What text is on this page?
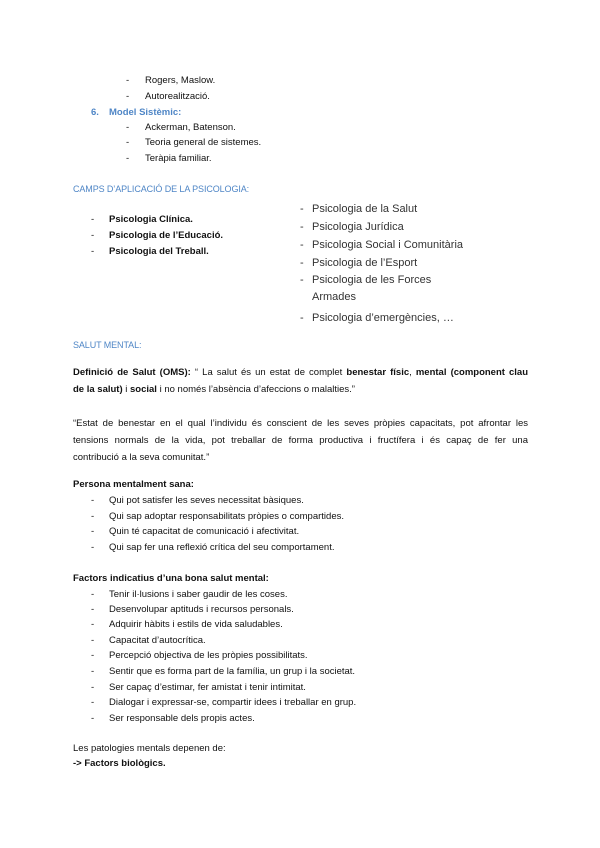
- Rogers, Maslow.
- Autorealització.
6. Model Sistèmic:
- Ackerman, Batenson.
- Teoria general de sistemes.
- Teràpia familiar.
CAMPS D’APLICACIÓ DE LA PSICOLOGIA:
- Psicologia Clínica.
- Psicologia de l’Educació.
- Psicologia del Treball.
- Psicologia de la Salut
- Psicologia Jurídica
- Psicologia Social i Comunitària
- Psicologia de l’Esport
- Psicologia de les Forces
Armades
- Psicologia d’emergències, …
SALUT MENTAL:
Definició de Salut (OMS): “ La salut és un estat de complet benestar físic, mental (component clau
de la salut) i social i no només l’absència d’afeccions o malalties.”
“Estat de benestar en el qual l’individu és conscient de les seves pròpies capacitats, pot afrontar les
tensions normals de la vida, pot treballar de forma productiva i fructífera i és capaç de fer una
contribució a la seva comunitat.”
Persona mentalment sana:
- Qui pot satisfer les seves necessitat bàsiques.
- Qui sap adoptar responsabilitats pròpies o compartides.
- Quin té capacitat de comunicació i afectivitat.
- Qui sap fer una reflexió crítica del seu comportament.
Factors indicatius d’una bona salut mental:
- Tenir il·lusions i saber gaudir de les coses.
- Desenvolupar aptituds i recursos personals.
- Adquirir hàbits i estils de vida saludables.
- Capacitat d’autocrítica.
- Percepció objectiva de les pròpies possibilitats.
- Sentir que es forma part de la família, un grup i la societat.
- Ser capaç d’estimar, fer amistat i tenir intimitat.
- Dialogar i expressar-se, compartir idees i treballar en grup.
- Ser responsable dels propis actes.
Les patologies mentals depenen de:
-> Factors biològics.
